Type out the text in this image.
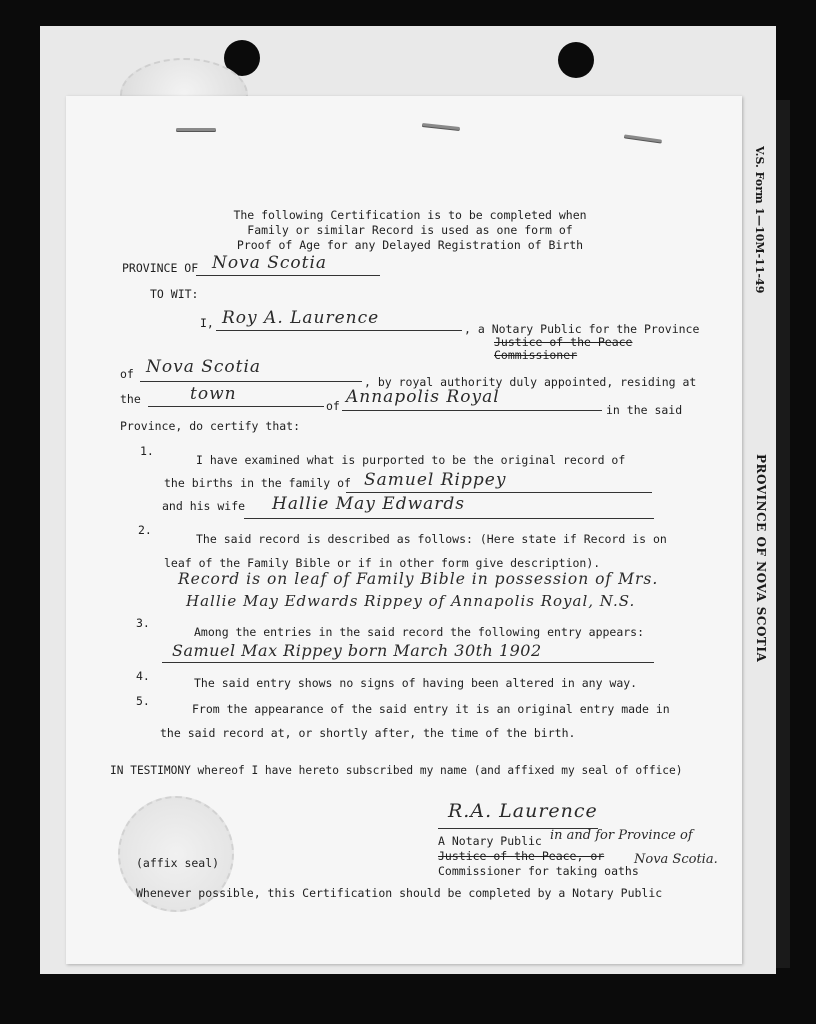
V.S. Form 1—10M-11-49
PROVINCE OF NOVA SCOTIA
The following Certification is to be completed when
Family or similar Record is used as one form of
Proof of Age for any Delayed Registration of Birth
PROVINCE OF Nova Scotia
TO WIT:
I, Roy A. Laurence
, a Notary Public for the Province
Justice of the Peace
Commissioner
of Nova Scotia
, by royal authority duly appointed, residing at
the	town
of Annapolis Royal
in the said
Province, do certify that:
1.
I have examined what is purported to be the original record of
the births in the family of Samuel Rippey
and his wife Hallie May Edwards
2.
The said record is described as follows: (Here state if Record is on
leaf of the Family Bible or if in other form give description).
Record is on leaf of Family Bible in possession of Mrs.
Hallie May Edwards Rippey of Annapolis Royal, N.S.
3.
Among the entries in the said record the following entry appears:
Samuel Max Rippey born March 30th 1902
4.	The said entry shows no signs of having been altered in any way.
5.
From the appearance of the said entry it is an original entry made in
the said record at, or shortly after, the time of the birth.
IN TESTIMONY whereof I have hereto subscribed my name (and affixed my seal of office)
R.A. Laurence
A Notary Public in and for Province of
Justice of the Peace, or
Commissioner for taking oaths
Nova Scotia.
(affix seal)
Whenever possible, this Certification should be completed by a Notary Public
